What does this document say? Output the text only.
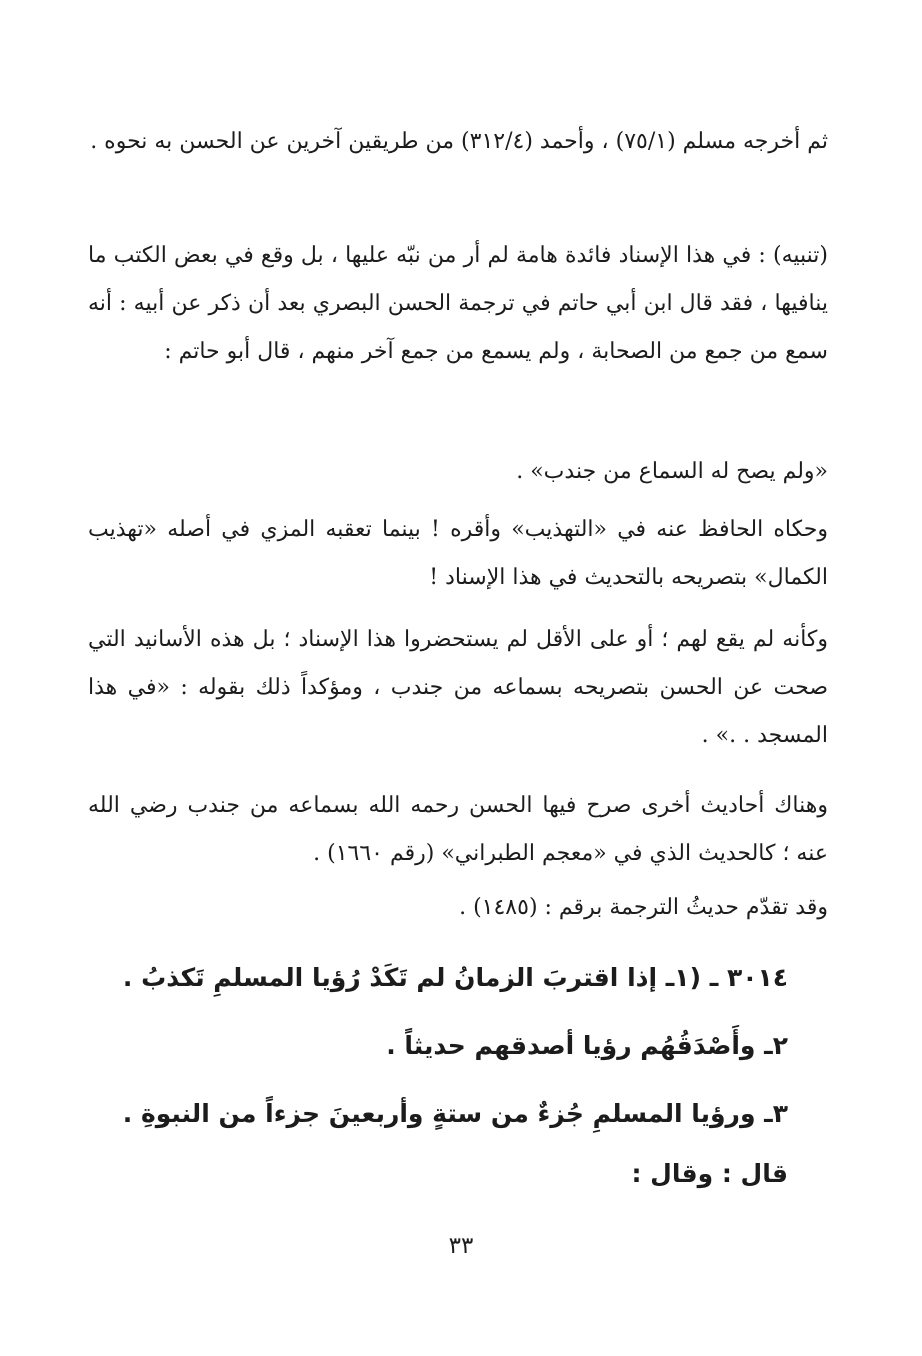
ثم أخرجه مسلم (٧٥/١) ، وأحمد (٣١٢/٤) من طريقين آخرين عن الحسن به نحوه .

(تنبيه) : في هذا الإسناد فائدة هامة لم أر من نبّه عليها ، بل وقع في بعض الكتب ما ينافيها ، فقد قال ابن أبي حاتم في ترجمة الحسن البصري بعد أن ذكر عن أبيه : أنه سمع من جمع من الصحابة ، ولم يسمع من جمع آخر منهم ، قال أبو حاتم :

«ولم يصح له السماع من جندب» .

وحكاه الحافظ عنه في «التهذيب» وأقره ! بينما تعقبه المزي في أصله «تهذيب الكمال» بتصريحه بالتحديث في هذا الإسناد !

وكأنه لم يقع لهم ؛ أو على الأقل لم يستحضروا هذا الإسناد ؛ بل هذه الأسانيد التي صحت عن الحسن بتصريحه بسماعه من جندب ، ومؤكداً ذلك بقوله : «في هذا المسجد . .» .

وهناك أحاديث أخرى صرح فيها الحسن رحمه الله بسماعه من جندب رضي الله عنه ؛ كالحديث الذي في «معجم الطبراني» (رقم ١٦٦٠) .

وقد تقدّم حديثُ الترجمة برقم : (١٤٨٥) .

٣٠١٤ ـ (١ـ إذا اقتربَ الزمانُ لم تَكَدْ رُؤيا المسلمِ تَكذبُ .

٢ـ وأَصْدَقُهُم رؤيا أصدقهم حديثاً .

٣ـ ورؤيا المسلمِ جُزءٌ من ستةٍ وأربعينَ جزءاً من النبوةِ .

قال : وقال :

٣٣
